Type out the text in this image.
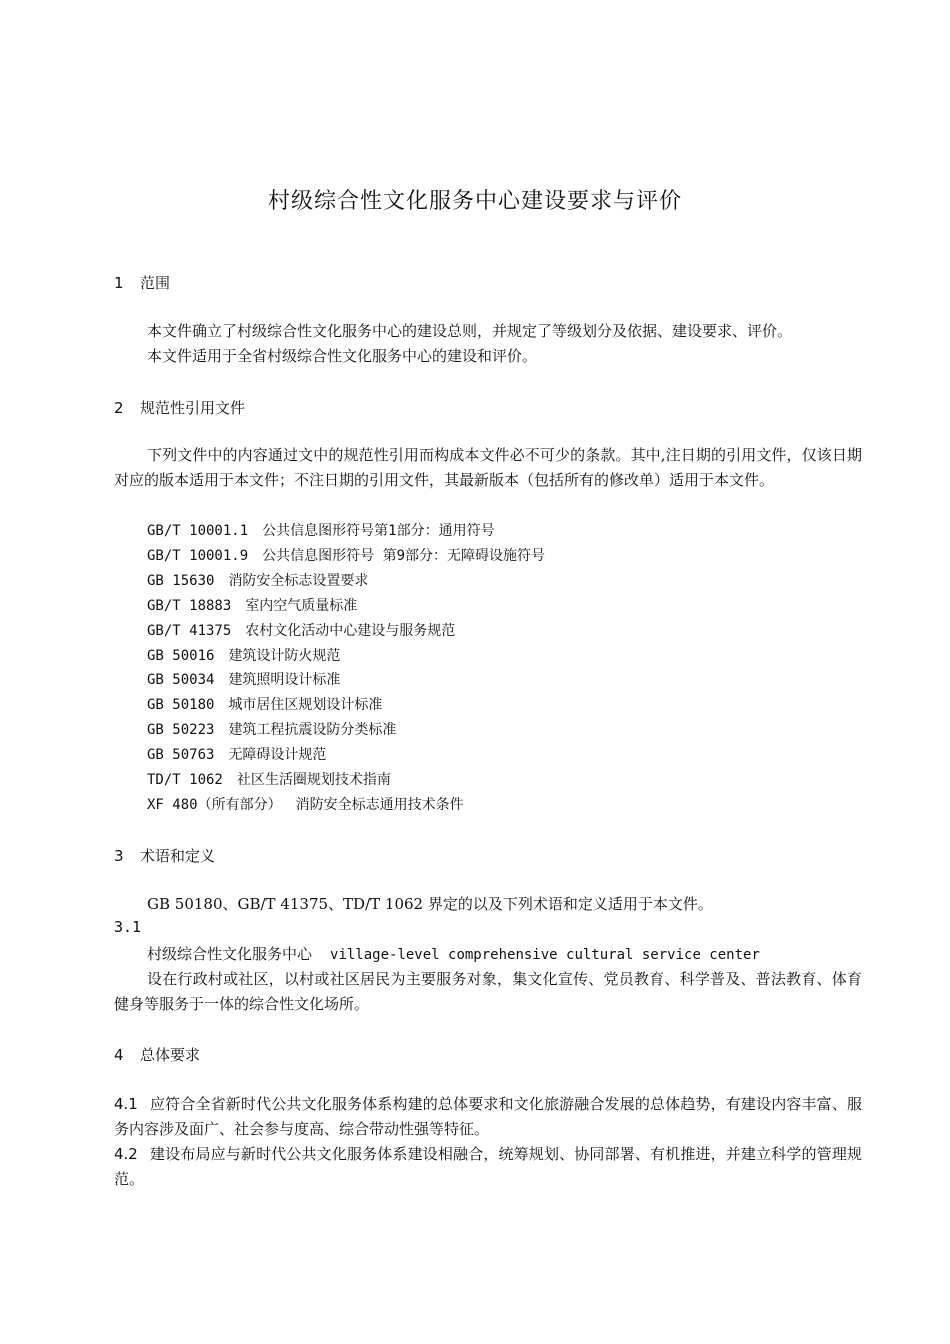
村级综合性文化服务中心建设要求与评价
1 范围
本文件确立了村级综合性文化服务中心的建设总则，并规定了等级划分及依据、建设要求、评价。
本文件适用于全省村级综合性文化服务中心的建设和评价。
2 规范性引用文件
下列文件中的内容通过文中的规范性引用而构成本文件必不可少的条款。其中,注日期的引用文件，仅该日期对应的版本适用于本文件；不注日期的引用文件，其最新版本（包括所有的修改单）适用于本文件。
GB/T 10001.1 公共信息图形符号第1部分：通用符号
GB/T 10001.9 公共信息图形符号 第9部分：无障碍设施符号
GB 15630 消防安全标志设置要求
GB/T 18883 室内空气质量标准
GB/T 41375 农村文化活动中心建设与服务规范
GB 50016 建筑设计防火规范
GB 50034 建筑照明设计标准
GB 50180 城市居住区规划设计标准
GB 50223 建筑工程抗震设防分类标准
GB 50763 无障碍设计规范
TD/T 1062 社区生活圈规划技术指南
XF 480（所有部分） 消防安全标志通用技术条件
3 术语和定义
GB 50180、GB/T 41375、TD/T 1062 界定的以及下列术语和定义适用于本文件。
3.1
村级综合性文化服务中心 village-level comprehensive cultural service center
设在行政村或社区，以村或社区居民为主要服务对象，集文化宣传、党员教育、科学普及、普法教育、体育健身等服务于一体的综合性文化场所。
4 总体要求
4.1 应符合全省新时代公共文化服务体系构建的总体要求和文化旅游融合发展的总体趋势，有建设内容丰富、服务内容涉及面广、社会参与度高、综合带动性强等特征。
4.2 建设布局应与新时代公共文化服务体系建设相融合，统筹规划、协同部署、有机推进，并建立科学的管理规范。
